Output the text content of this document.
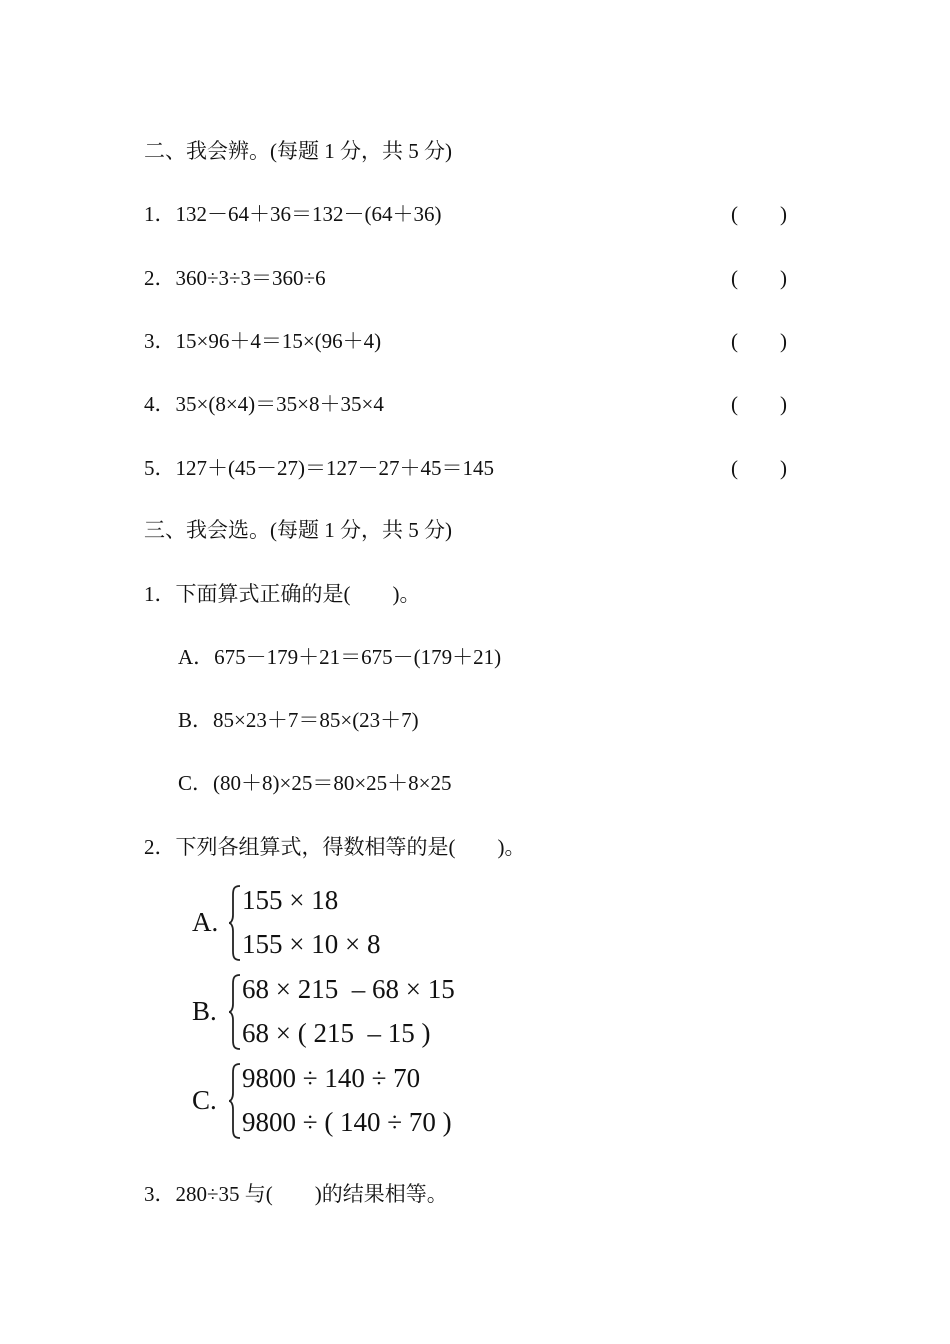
二、我会辨。(每题 1 分，共 5 分)
1．132－64＋36＝132－(64＋36)	(　　)
2．360÷3÷3＝360÷6	(　　)
3．15×96＋4＝15×(96＋4)	(　　)
4．35×(8×4)＝35×8＋35×4	(　　)
5．127＋(45－27)＝127－27＋45＝145	(　　)
三、我会选。(每题 1 分，共 5 分)
1．下面算式正确的是(　　)。
A．675－179＋21＝675－(179＋21)
B．85×23＋7＝85×(23＋7)
C．(80＋8)×25＝80×25＋8×25
2．下列各组算式，得数相等的是(　　)。
A.
155 × 18
155 × 10 × 8
B.
68 × 215  – 68 × 15
68 × ( 215  – 15 )
C.
9800 ÷ 140 ÷ 70
9800 ÷ ( 140 ÷ 70 )
3．280÷35 与(　　)的结果相等。
